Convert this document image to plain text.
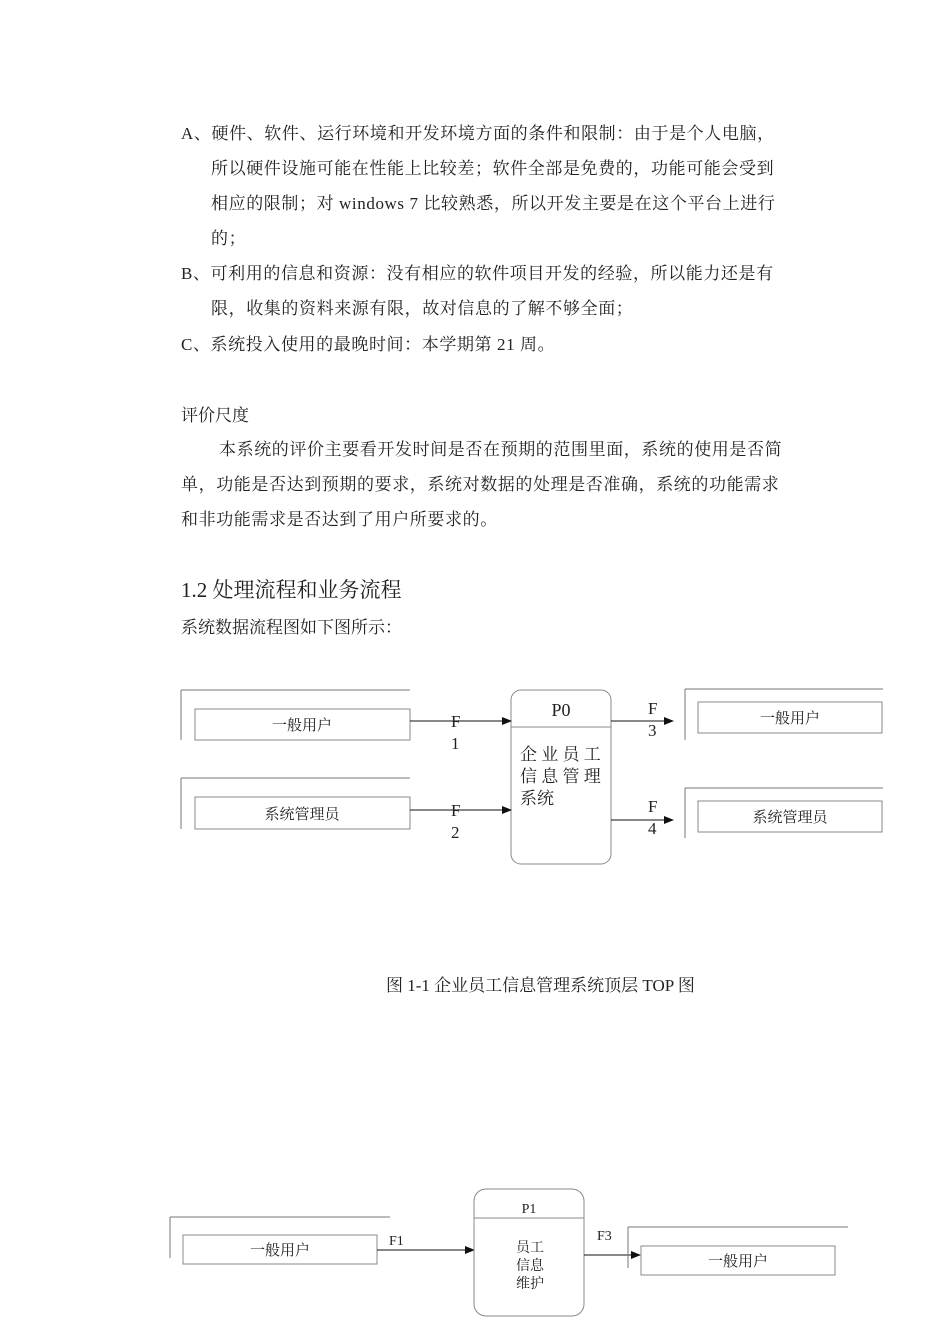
A、硬件、软件、运行环境和开发环境方面的条件和限制：由于是个人电脑，
所以硬件设施可能在性能上比较差；软件全部是免费的，功能可能会受到
相应的限制；对 windows 7 比较熟悉，所以开发主要是在这个平台上进行
的；
B、可利用的信息和资源：没有相应的软件项目开发的经验，所以能力还是有
限，收集的资料来源有限，故对信息的了解不够全面；
C、系统投入使用的最晚时间：本学期第 21 周。
评价尺度
本系统的评价主要看开发时间是否在预期的范围里面，系统的使用是否简
单，功能是否达到预期的要求，系统对数据的处理是否准确，系统的功能需求
和非功能需求是否达到了用户所要求的。
1.2 处理流程和业务流程
系统数据流程图如下图所示：
一般用户
系统管理员
P0
企 业 员 工
信 息 管 理
系统
F
1
F
2
F
3
F
4
一般用户
系统管理员
图 1-1 企业员工信息管理系统顶层 TOP 图
一般用户
F1
P1
员工
信息
维护
F3
一般用户
